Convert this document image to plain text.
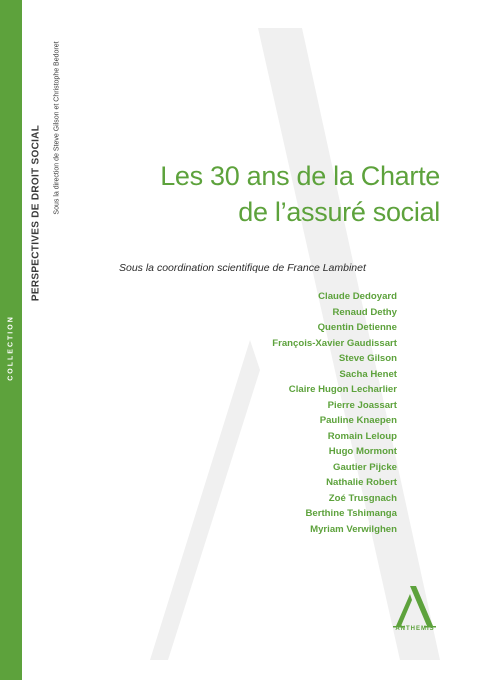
COLLECTION
PERSPECTIVES DE DROIT SOCIAL Sous la direction de Steve Gilson et Christophe Bedoret	Les 30 ans de la Charte
de l’assuré social
Sous la coordination scientifique de France Lambinet
Claude Dedoyard
Renaud Dethy
Quentin Detienne
François-Xavier Gaudissart
Steve Gilson
Sacha Henet
Claire Hugon Lecharlier
Pierre Joassart
Pauline Knaepen
Romain Leloup
Hugo Mormont
Gautier Pijcke
Nathalie Robert
Zoé Trusgnach
Berthine Tshimanga
Myriam Verwilghen
ANTHEMIS
